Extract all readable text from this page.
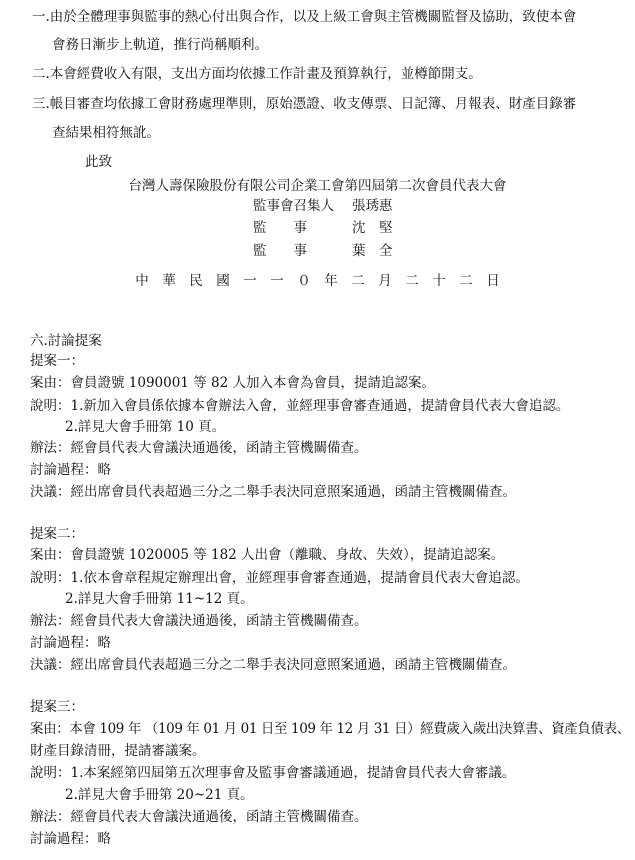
一.由於全體理事與監事的熱心付出與合作，以及上級工會與主管機關監督及協助，致使本會
會務日漸步上軌道，推行尚稱順利。
二.本會經費收入有限，支出方面均依據工作計畫及預算執行，並樽節開支。
三.帳目審查均依據工會財務處理準則，原始憑證、收支傳票、日記簿、月報表、財產目錄審
查結果相符無訛。
此致
台灣人壽保險股份有限公司企業工會第四屆第二次會員代表大會
監事會召集人 張琇惠
監　　事	沈　堅
監　　事	葉　全
中　華　民　國　一　一　０　年　二　月　二　十　二　日
六.討論提案
提案一：
案由：會員證號 1090001 等 82 人加入本會為會員，提請追認案。
說明：1.新加入會員係依據本會辦法入會，並經理事會審查通過，提請會員代表大會追認。
2.詳見大會手冊第 10 頁。
辦法：經會員代表大會議決通過後，函請主管機關備查。
討論過程：略
決議：經出席會員代表超過三分之二舉手表決同意照案通過，函請主管機關備查。
提案二：
案由：會員證號 1020005 等 182 人出會（離職、身故、失效），提請追認案。
說明：1.依本會章程規定辦理出會，並經理事會審查通過，提請會員代表大會追認。
2.詳見大會手冊第 11~12 頁。
辦法：經會員代表大會議決通過後，函請主管機關備查。
討論過程：略
決議：經出席會員代表超過三分之二舉手表決同意照案通過，函請主管機關備查。
提案三：
案由：本會 109 年 （109 年 01 月 01 日至 109 年 12 月 31 日）經費歲入歲出決算書、資產負債表、
財產目錄清冊，提請審議案。
說明：1.本案經第四屆第五次理事會及監事會審議通過，提請會員代表大會審議。
2.詳見大會手冊第 20~21 頁。
辦法：經會員代表大會議決通過後，函請主管機關備查。
討論過程：略
